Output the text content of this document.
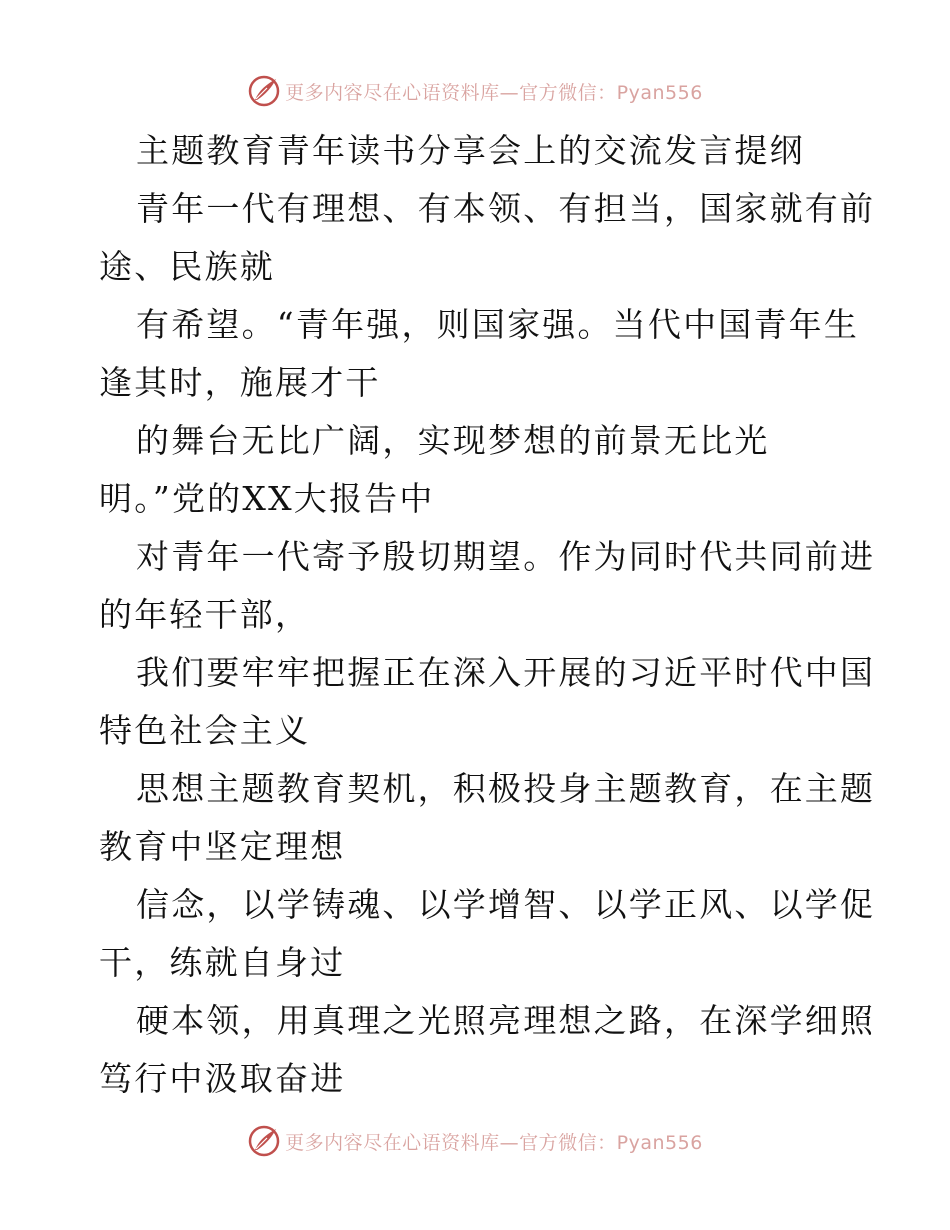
更多内容尽在心语资料库—官方微信：Pyan556
主题教育青年读书分享会上的交流发言提纲
青年一代有理想、有本领、有担当，国家就有前
途、民族就
有希望。“青年强，则国家强。当代中国青年生
逢其时，施展才干
的舞台无比广阔，实现梦想的前景无比光
明。”党的XX大报告中
对青年一代寄予殷切期望。作为同时代共同前进
的年轻干部，
我们要牢牢把握正在深入开展的习近平时代中国
特色社会主义
思想主题教育契机，积极投身主题教育，在主题
教育中坚定理想
信念，以学铸魂、以学增智、以学正风、以学促
干，练就自身过
硬本领，用真理之光照亮理想之路，在深学细照
笃行中汲取奋进
更多内容尽在心语资料库—官方微信：Pyan556
